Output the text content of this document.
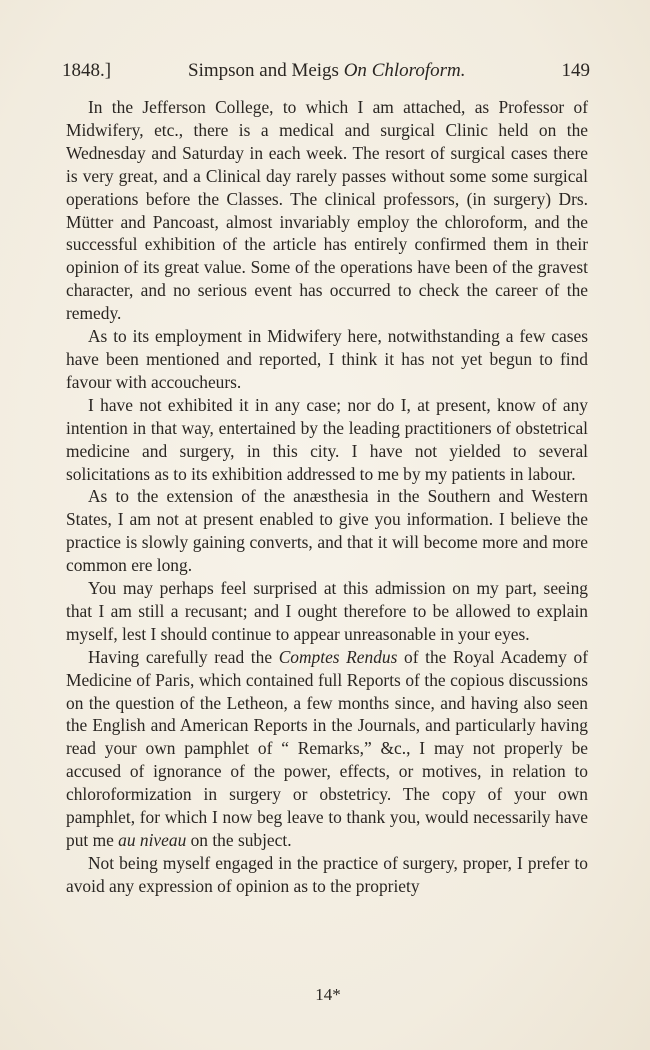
1848.]	Simpson and Meigs On Chloroform.	149

In the Jefferson College, to which I am attached, as Professor of Midwifery, etc., there is a medical and surgical Clinic held on the Wednesday and Saturday in each week. The resort of surgical cases there is very great, and a Clinical day rarely passes without some some surgical operations before the Classes. The clinical professors, (in surgery) Drs. Mütter and Pancoast, almost invariably employ the chloroform, and the successful exhibition of the article has entirely confirmed them in their opinion of its great value. Some of the operations have been of the gravest character, and no serious event has occurred to check the career of the remedy.

As to its employment in Midwifery here, notwithstanding a few cases have been mentioned and reported, I think it has not yet begun to find favour with accoucheurs.

I have not exhibited it in any case; nor do I, at present, know of any intention in that way, entertained by the leading practitioners of obstetrical medicine and surgery, in this city. I have not yielded to several solicitations as to its exhibition addressed to me by my patients in labour.

As to the extension of the anæsthesia in the Southern and Western States, I am not at present enabled to give you information. I believe the practice is slowly gaining converts, and that it will become more and more common ere long.

You may perhaps feel surprised at this admission on my part, seeing that I am still a recusant; and I ought therefore to be allowed to explain myself, lest I should continue to appear unreasonable in your eyes.

Having carefully read the Comptes Rendus of the Royal Academy of Medicine of Paris, which contained full Reports of the copious discussions on the question of the Letheon, a few months since, and having also seen the English and American Reports in the Journals, and particularly having read your own pamphlet of “ Remarks,” &c., I may not properly be accused of ignorance of the power, effects, or motives, in relation to chloroformization in surgery or obstetricy. The copy of your own pamphlet, for which I now beg leave to thank you, would necessarily have put me au niveau on the subject.

Not being myself engaged in the practice of surgery, proper, I prefer to avoid any expression of opinion as to the propriety

14*
